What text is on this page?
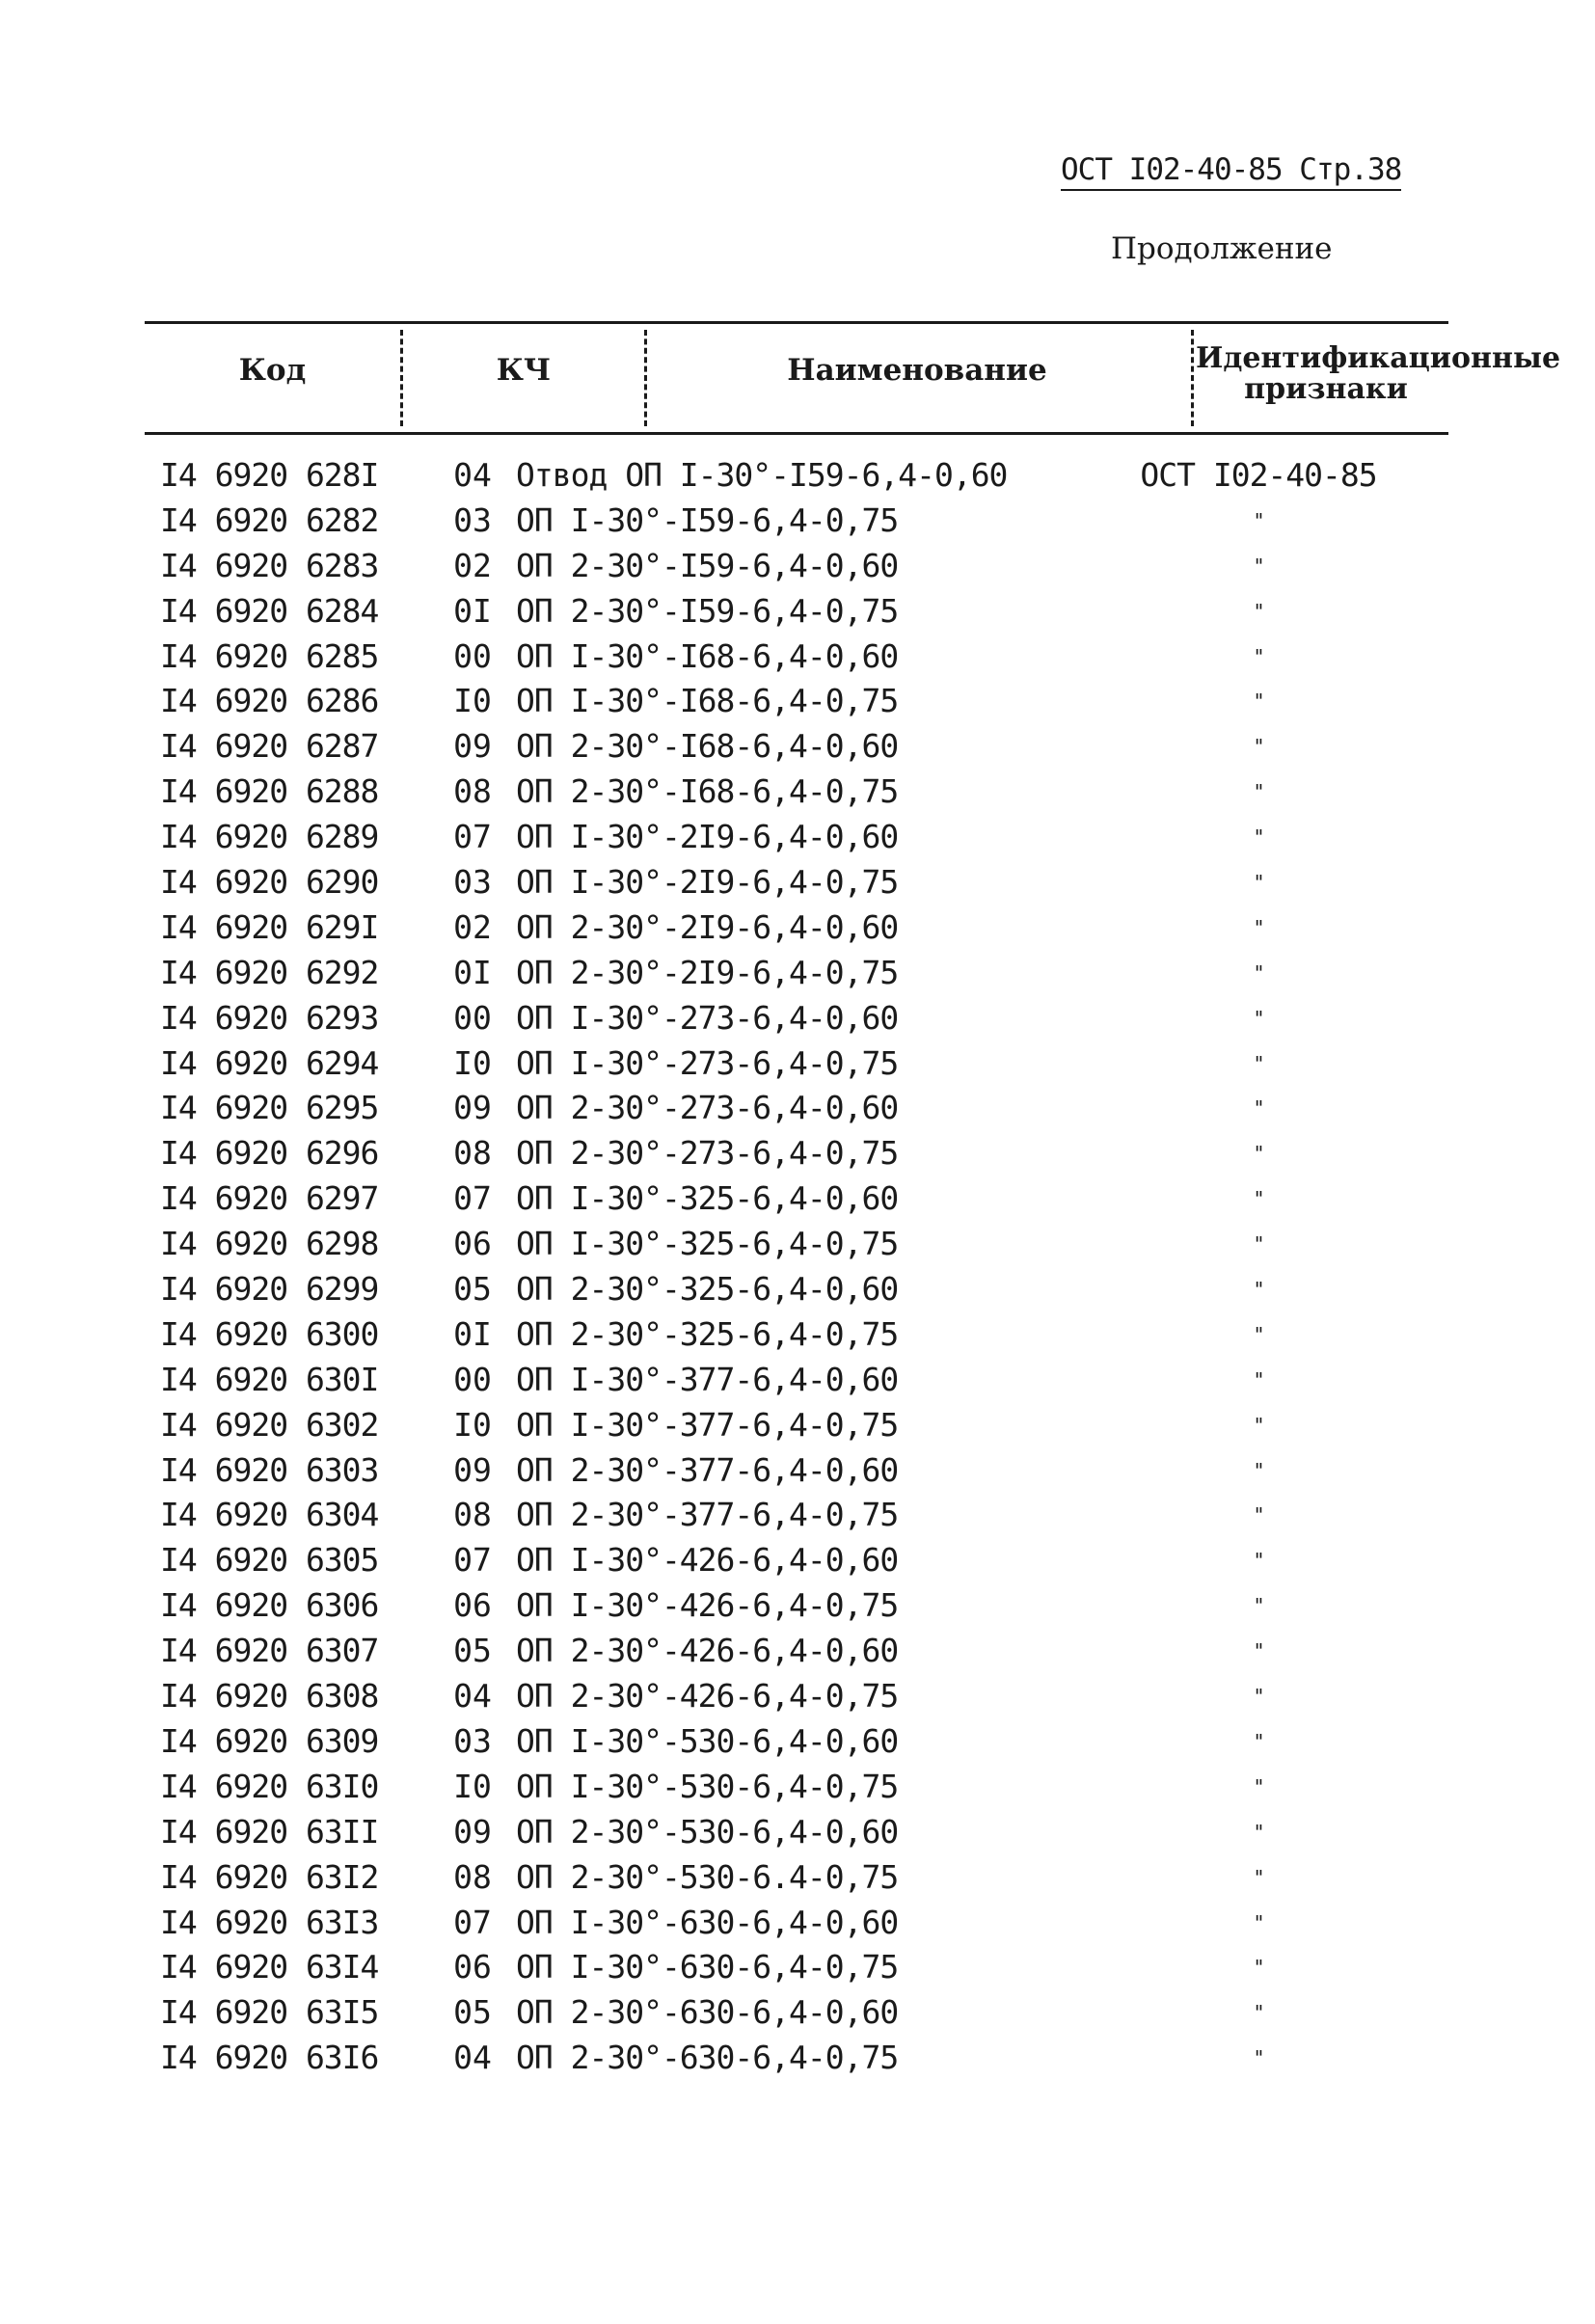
ОСТ І02-40-85 Стр.38
Продолжение
Код	КЧ	Наименование	Идентификационные признаки
І4 6920 628І	04 Отвод ОП І-30°-І59-6,4-0,60	ОСТ І02-40-85
І4 6920 6282	03 ОП І-30°-І59-6,4-0,75	"
І4 6920 6283	02 ОП 2-30°-І59-6,4-0,60	"
І4 6920 6284	0І ОП 2-30°-І59-6,4-0,75	"
І4 6920 6285	00 ОП І-30°-І68-6,4-0,60	"
І4 6920 6286	І0 ОП І-30°-І68-6,4-0,75	"
І4 6920 6287	09 ОП 2-30°-І68-6,4-0,60	"
І4 6920 6288	08 ОП 2-30°-І68-6,4-0,75	"
І4 6920 6289	07 ОП І-30°-2І9-6,4-0,60	"
І4 6920 6290	03 ОП І-30°-2І9-6,4-0,75	"
І4 6920 629І	02 ОП 2-30°-2І9-6,4-0,60	"
І4 6920 6292	0І ОП 2-30°-2І9-6,4-0,75	"
І4 6920 6293	00 ОП І-30°-273-6,4-0,60	"
І4 6920 6294	І0 ОП І-30°-273-6,4-0,75	"
І4 6920 6295	09 ОП 2-30°-273-6,4-0,60	"
І4 6920 6296	08 ОП 2-30°-273-6,4-0,75	"
І4 6920 6297	07 ОП І-30°-325-6,4-0,60	"
І4 6920 6298	06 ОП І-30°-325-6,4-0,75	"
І4 6920 6299	05 ОП 2-30°-325-6,4-0,60	"
І4 6920 6300	0І ОП 2-30°-325-6,4-0,75	"
І4 6920 630І	00 ОП І-30°-377-6,4-0,60	"
І4 6920 6302	І0 ОП І-30°-377-6,4-0,75	"
І4 6920 6303	09 ОП 2-30°-377-6,4-0,60	"
І4 6920 6304	08 ОП 2-30°-377-6,4-0,75	"
І4 6920 6305	07 ОП І-30°-426-6,4-0,60	"
І4 6920 6306	06 ОП І-30°-426-6,4-0,75	"
І4 6920 6307	05 ОП 2-30°-426-6,4-0,60	"
І4 6920 6308	04 ОП 2-30°-426-6,4-0,75	"
І4 6920 6309	03 ОП І-30°-530-6,4-0,60	"
І4 6920 63І0	І0 ОП І-30°-530-6,4-0,75	"
І4 6920 63ІІ	09 ОП 2-30°-530-6,4-0,60	"
І4 6920 63І2	08 ОП 2-30°-530-6.4-0,75	"
І4 6920 63І3	07 ОП І-30°-630-6,4-0,60	"
І4 6920 63І4	06 ОП І-30°-630-6,4-0,75	"
І4 6920 63І5	05 ОП 2-30°-630-6,4-0,60	"
І4 6920 63І6	04 ОП 2-30°-630-6,4-0,75	"
